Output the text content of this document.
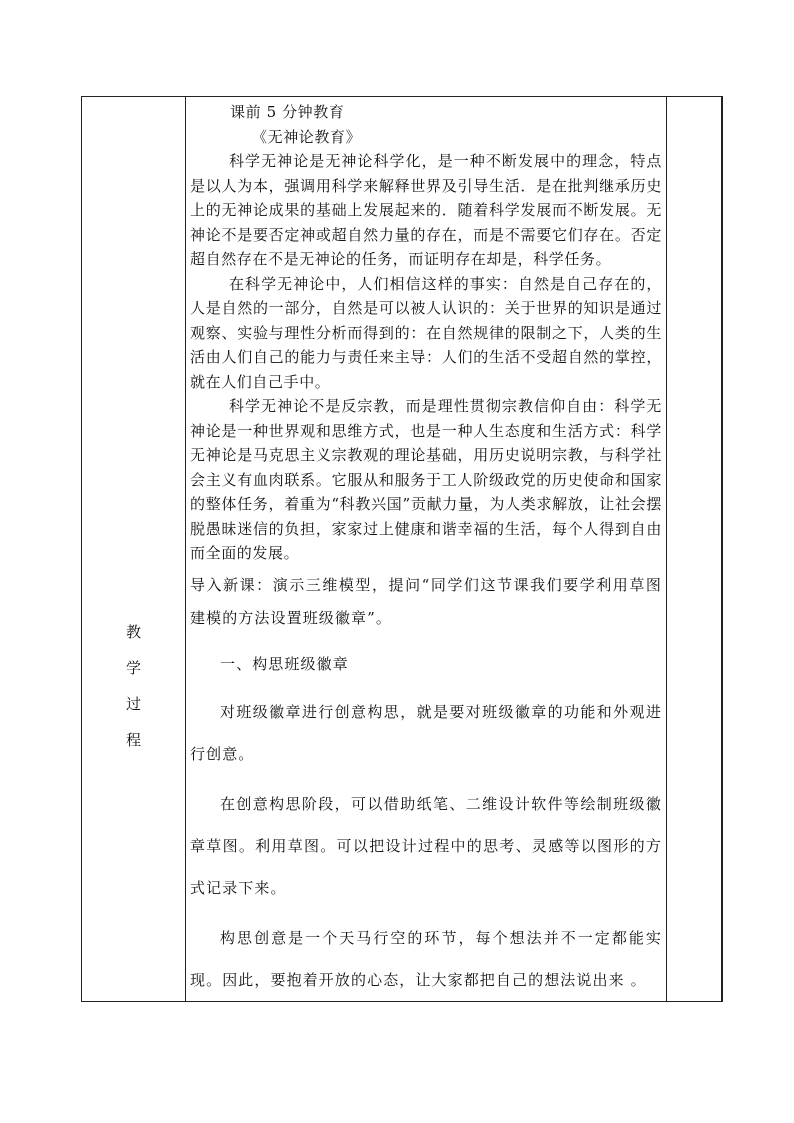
教
学
过
程

课前 5 分钟教育

《无神论教育》

科学无神论是无神论科学化，是一种不断发展中的理念，特点是以人为本，强调用科学来解释世界及引导生活．是在批判继承历史上的无神论成果的基础上发展起来的．随着科学发展而不断发展。无神论不是要否定神或超自然力量的存在，而是不需要它们存在。否定超自然存在不是无神论的任务，而证明存在却是，科学任务。

在科学无神论中，人们相信这样的事实：自然是自己存在的，人是自然的一部分，自然是可以被人认识的：关于世界的知识是通过观察、实验与理性分析而得到的：在自然规律的限制之下，人类的生活由人们自己的能力与责任来主导：人们的生活不受超自然的掌控，就在人们自己手中。

科学无神论不是反宗教，而是理性贯彻宗教信仰自由：科学无神论是一种世界观和思维方式，也是一种人生态度和生活方式：科学无神论是马克思主义宗教观的理论基础，用历史说明宗教，与科学社会主义有血肉联系。它服从和服务于工人阶级政党的历史使命和国家的整体任务，着重为“科教兴国”贡献力量，为人类求解放，让社会摆脱愚昧迷信的负担，家家过上健康和谐幸福的生活，每个人得到自由而全面的发展。

导入新课：演示三维模型，提问“同学们这节课我们要学利用草图建模的方法设置班级徽章”。

一、构思班级徽章

对班级徽章进行创意构思，就是要对班级徽章的功能和外观进行创意。

在创意构思阶段，可以借助纸笔、二维设计软件等绘制班级徽章草图。利用草图。可以把设计过程中的思考、灵感等以图形的方式记录下来。

构思创意是一个天马行空的环节，每个想法并不一定都能实现。因此，要抱着开放的心态，让大家都把自己的想法说出来 。
